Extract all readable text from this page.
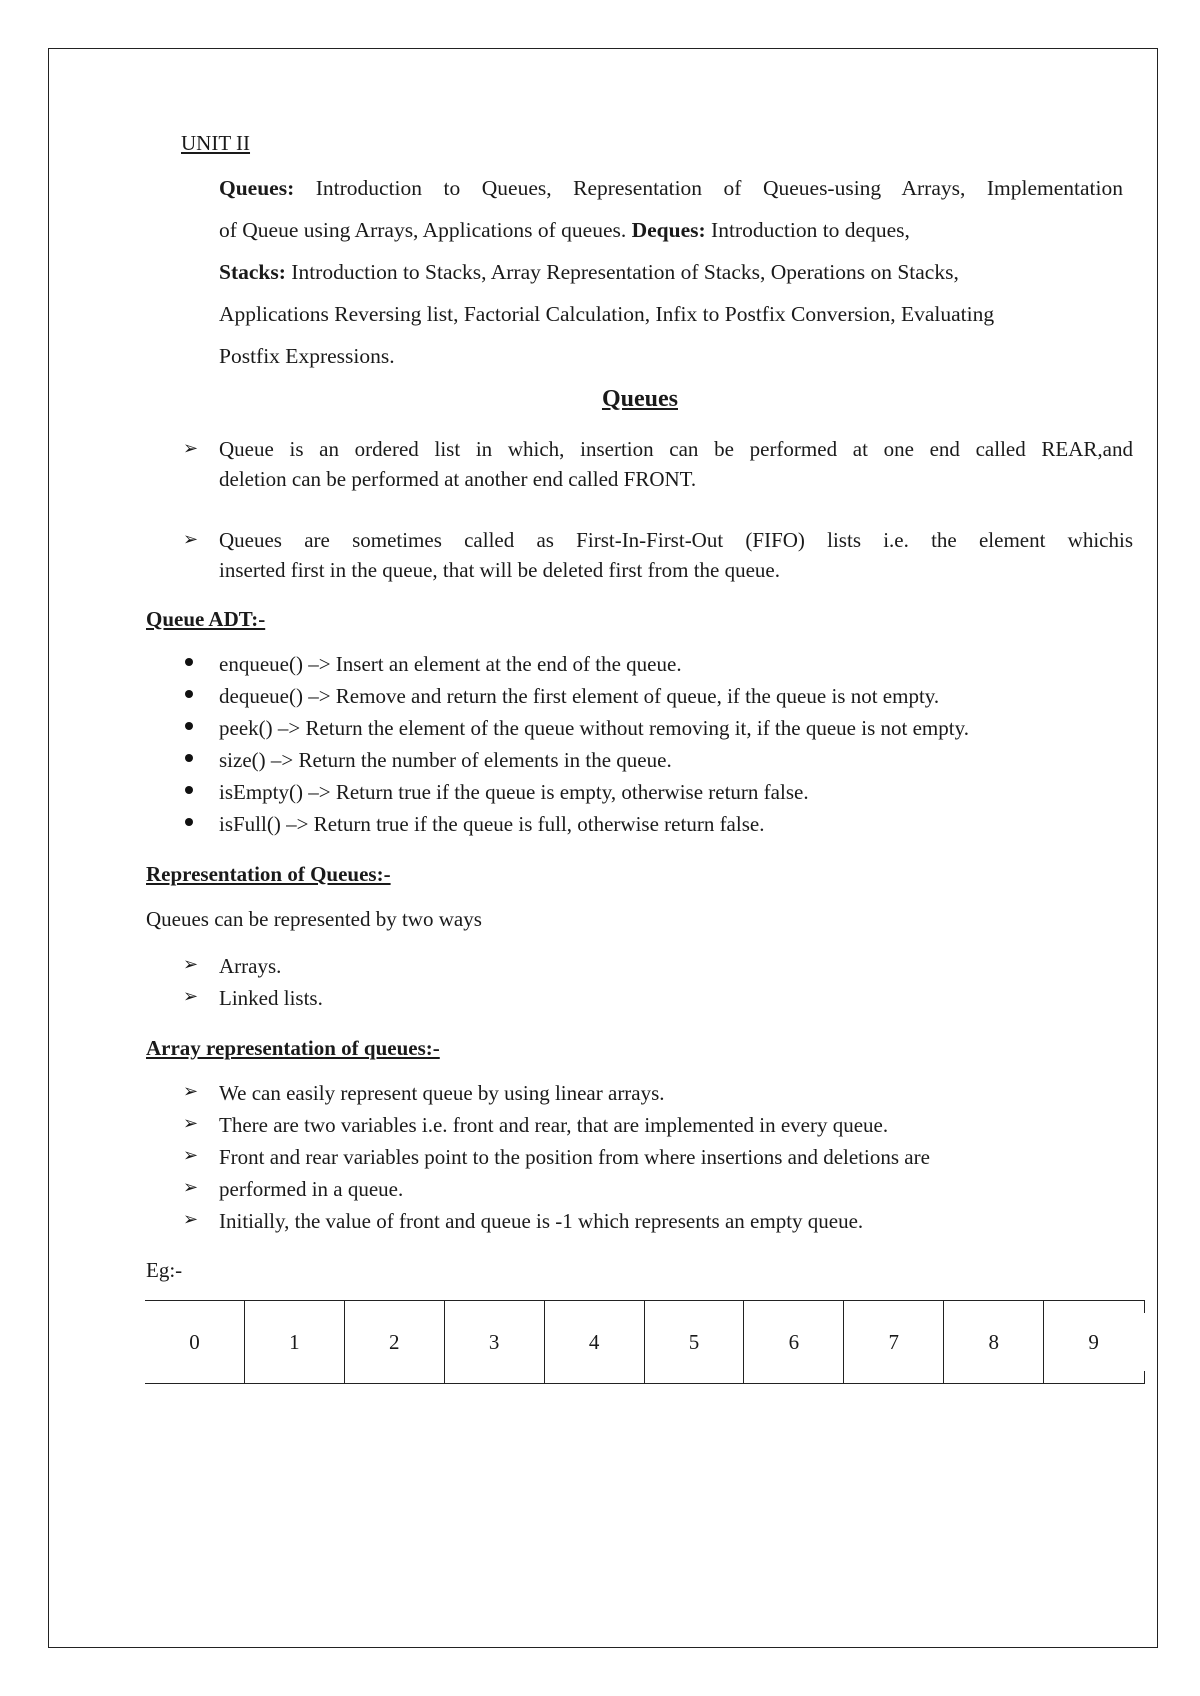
UNIT II
Queues: Introduction to Queues, Representation of Queues-using Arrays, Implementation
of Queue using Arrays, Applications of queues. Deques: Introduction to deques,
Stacks: Introduction to Stacks, Array Representation of Stacks, Operations on Stacks,
Applications Reversing list, Factorial Calculation, Infix to Postfix Conversion, Evaluating
Postfix Expressions.
Queues
➢ Queue is an ordered list in which, insertion can be performed at one end called REAR,and
deletion can be performed at another end called FRONT.
➢ Queues are sometimes called as First-In-First-Out (FIFO) lists i.e. the element whichis
inserted first in the queue, that will be deleted first from the queue.
Queue ADT:-
enqueue() –> Insert an element at the end of the queue.
dequeue() –> Remove and return the first element of queue, if the queue is not empty.
peek() –> Return the element of the queue without removing it, if the queue is not empty.
size() –> Return the number of elements in the queue.
isEmpty() –> Return true if the queue is empty, otherwise return false.
isFull() –> Return true if the queue is full, otherwise return false.
Representation of Queues:-
Queues can be represented by two ways
➢ Arrays.
➢ Linked lists.
Array representation of queues:-
➢ We can easily represent queue by using linear arrays.
➢ There are two variables i.e. front and rear, that are implemented in every queue.
➢ Front and rear variables point to the position from where insertions and deletions are
➢ performed in a queue.
➢ Initially, the value of front and queue is -1 which represents an empty queue.
Eg:-
0	1	2	3	4	5	6	7	8	9
